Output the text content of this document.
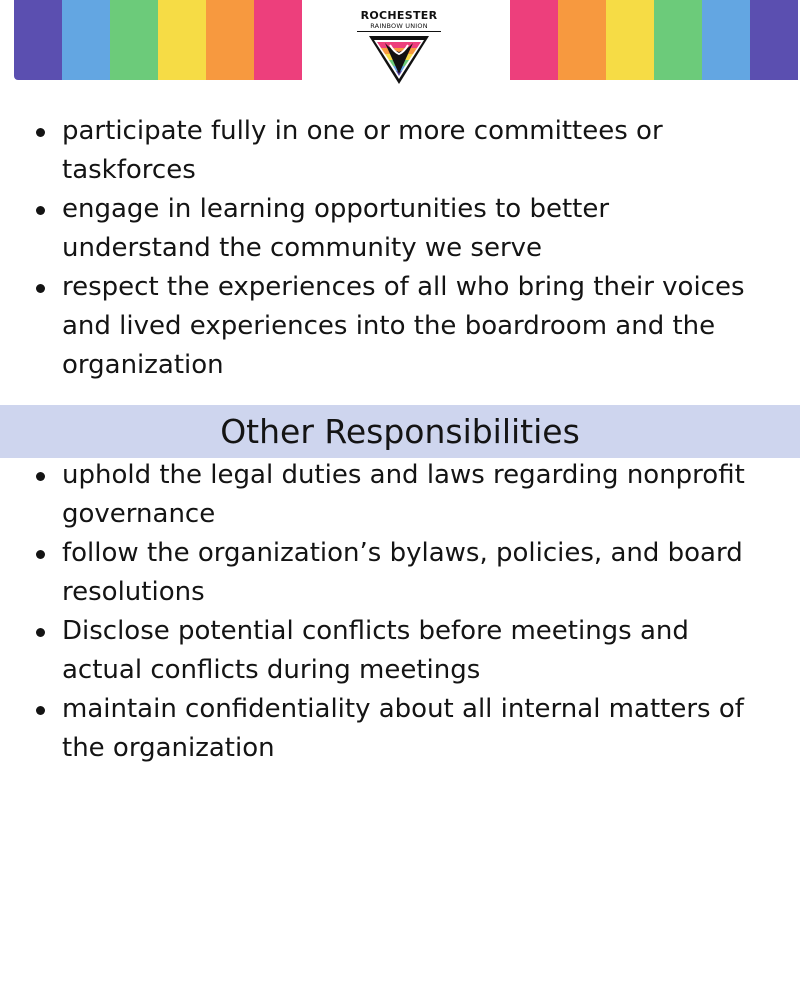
ROCHESTER
RAINBOW UNION
participate fully in one or more committees or
taskforces
engage in learning opportunities to better
understand the community we serve
respect the experiences of all who bring their voices
and lived experiences into the boardroom and the
organization
Other Responsibilities
uphold the legal duties and laws regarding nonprofit
governance
follow the organization’s bylaws, policies, and board
resolutions
Disclose potential conflicts before meetings and
actual conflicts during meetings
maintain confidentiality about all internal matters of
the organization
